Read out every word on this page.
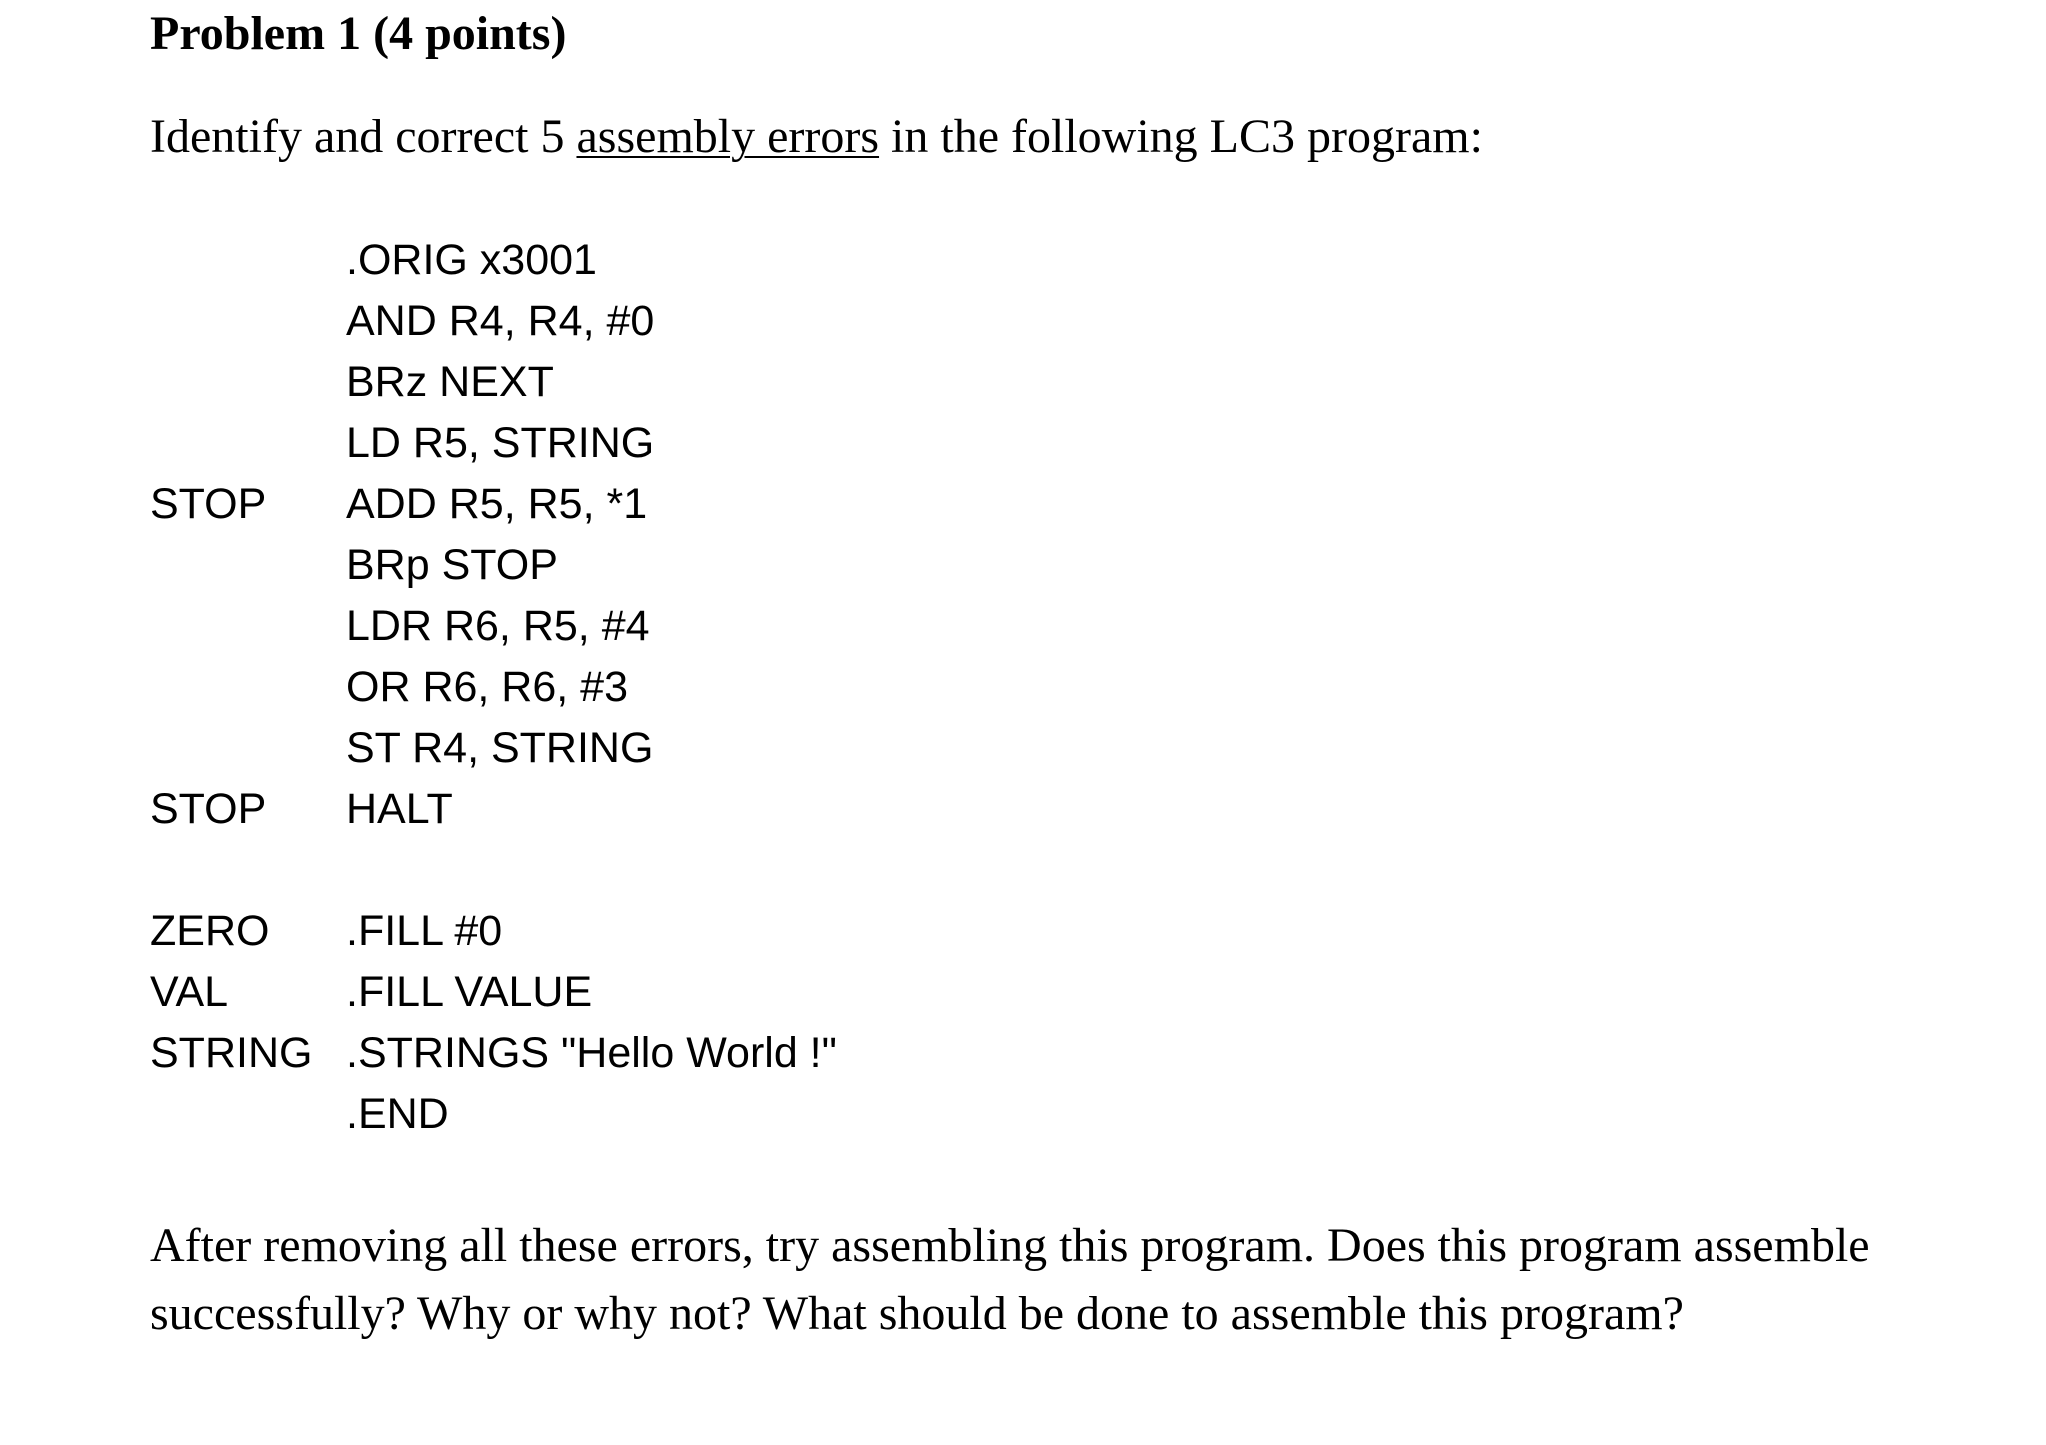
Problem 1 (4 points)
Identify and correct 5 assembly errors in the following LC3 program:
.ORIG x3001
AND R4, R4, #0
BRz NEXT
LD R5, STRING
STOP ADD R5, R5, *1
BRp STOP
LDR R6, R5, #4
OR R6, R6, #3
ST R4, STRING
STOP HALT
ZERO .FILL #0
VAL	.FILL VALUE
STRING .STRINGS "Hello World !"
.END
After removing all these errors, try assembling this program. Does this program assemble
successfully? Why or why not? What should be done to assemble this program?
